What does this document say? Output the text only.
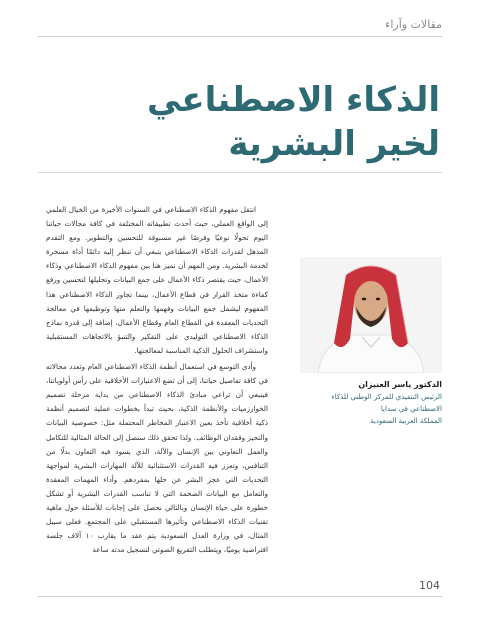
مقالات وآراء
الذكاء الاصطناعي
لخير البشرية

انتقل مفهوم الذكاء الاصطناعي في السنوات الأخيرة من الخيال العلمي إلى الواقع العملي، حيث أحدث تطبيقاته المختلفة في كافة مجالات حياتنا اليوم تحولًا نوعيًا وفرصًا غير مسبوقة للتحسين والتطوير. ومع التقدم المذهل لقدرات الذكاء الاصطناعي ينبغي أن ننظر إليه دائمًا أداة مسخرة لخدمة البشرية. ومن المهم أن نميز هنا بين مفهوم الذكاء الاصطناعي وذكاء الأعمال، حيث يقتصر ذكاء الأعمال على جمع البيانات وتحليلها لتحسين ورفع كفاءة متخذ القرار في قطاع الأعمال، بينما تجاوز الذكاء الاصطناعي هذا المفهوم ليشمل جمع البيانات وفهمها والتعلم منها وتوظيفها في معالجة التحديات المعقدة في القطاع العام وقطاع الأعمال، إضافة إلى قدرة نماذج الذكاء الاصطناعي التوليدي على التفكير والتنبؤ بالاتجاهات المستقبلية واستشراف الحلول الذكية المناسبة لمعالجتها.

وأدى التوسع في استعمال أنظمة الذكاء الاصطناعي العام وتعدد مجالاته في كافة تفاصيل حياتنا، إلى أن تضع الاعتبارات الأخلاقية على رأس أولوياتنا، فينبغي أن تراعي مبادئ الذكاء الاصطناعي من بداية مرحلة تصميم الخوارزميات والأنظمة الذكية، بحيث تبدأ بخطوات عملية لتصميم أنظمة ذكية أخلاقية تأخذ بعين الاعتبار المخاطر المحتملة مثل: خصوصية البيانات والتحيز وفقدان الوظائف. ولذا تحقق ذلك سنصل إلى الحالة المثالية للتكامل والعمل التعاوني بين الإنسان والآلة، الذي يسود فيه التعاون بدلًا من التنافس، وتعزز فيه القدرات الاستثنائية للآلة المهارات البشرية لمواجهة التحديات التي عجز البشر عن حلها بمفردهم. وأداء المهمات المعقدة والتعامل مع البيانات الضخمة التي لا تناسب القدرات البشرية أو تشكل خطورة على حياة الإنسان وبالتالي نحصل على إجابات للأسئلة حول ماهية تقنيات الذكاء الاصطناعي وتأثيرها المستقبلي على المجتمع. فعلى سبيل المثال، في وزارة العدل السعودية يتم عقد ما يقارب ١٠ آلاف جلسة افتراضية يوميًا، ويتطلب التفريغ الصوتي لتسجيل مدته ساعة

الدكتور ياسر العنيزان
الرئيس التنفيذي للمركز الوطني للذكاء
الاصطناعي في سدايا
المملكة العربية السعودية
104
